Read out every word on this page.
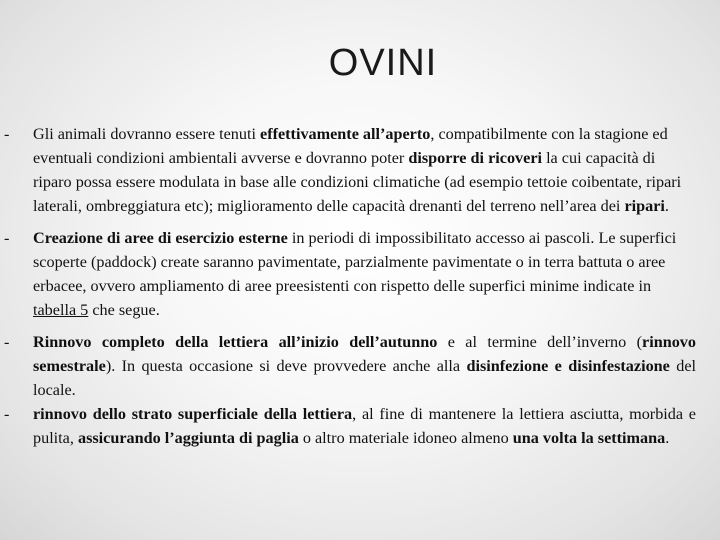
OVINI
- Gli animali dovranno essere tenuti effettivamente all’aperto, compatibilmente con la stagione ed eventuali condizioni ambientali avverse e dovranno poter disporre di ricoveri la cui capacità di riparo possa essere modulata in base alle condizioni climatiche (ad esempio tettoie coibentate, ripari laterali, ombreggiatura etc); miglioramento delle capacità drenanti del terreno nell’area dei ripari.

- Creazione di aree di esercizio esterne in periodi di impossibilitato accesso ai pascoli. Le superfici scoperte (paddock) create saranno pavimentate, parzialmente pavimentate o in terra battuta o aree erbacee, ovvero ampliamento di aree preesistenti con rispetto delle superfici minime indicate in tabella 5 che segue.

- Rinnovo completo della lettiera all’inizio dell’autunno e al termine dell’inverno (rinnovo semestrale). In questa occasione si deve provvedere anche alla disinfezione e disinfestazione del locale.

- rinnovo dello strato superficiale della lettiera, al fine di mantenere la lettiera asciutta, morbida e pulita, assicurando l’aggiunta di paglia o altro materiale idoneo almeno una volta la settimana.
